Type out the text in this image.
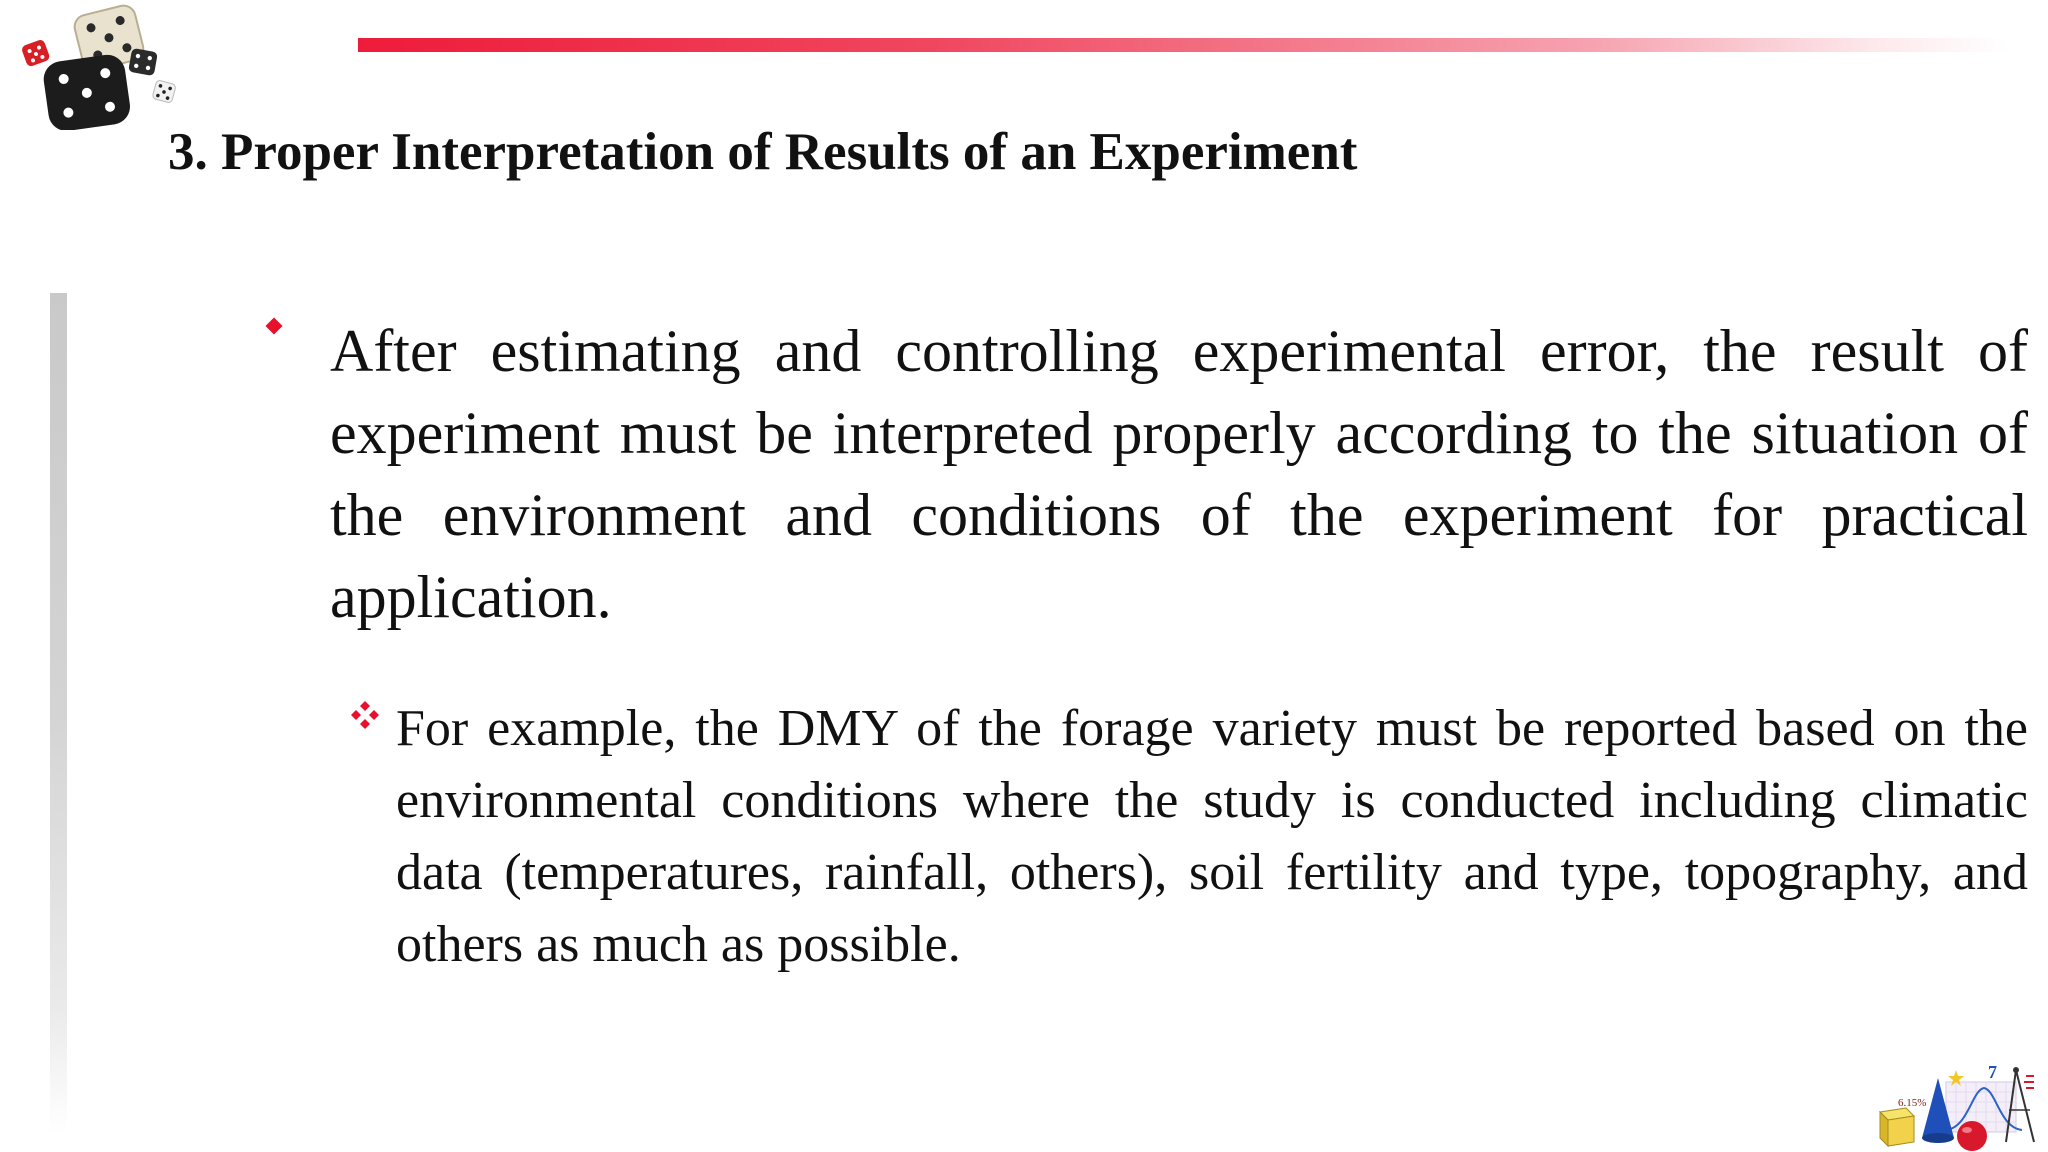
3. Proper Interpretation of Results of an Experiment

After estimating and controlling experimental error, the result of experiment must be interpreted properly according to the situation of the environment and conditions of the experiment for practical application.

For example, the DMY of the forage variety must be reported based on the environmental conditions where the study is conducted including climatic data (temperatures, rainfall, others), soil fertility and type, topography, and others as much as possible.

6.15%
7
